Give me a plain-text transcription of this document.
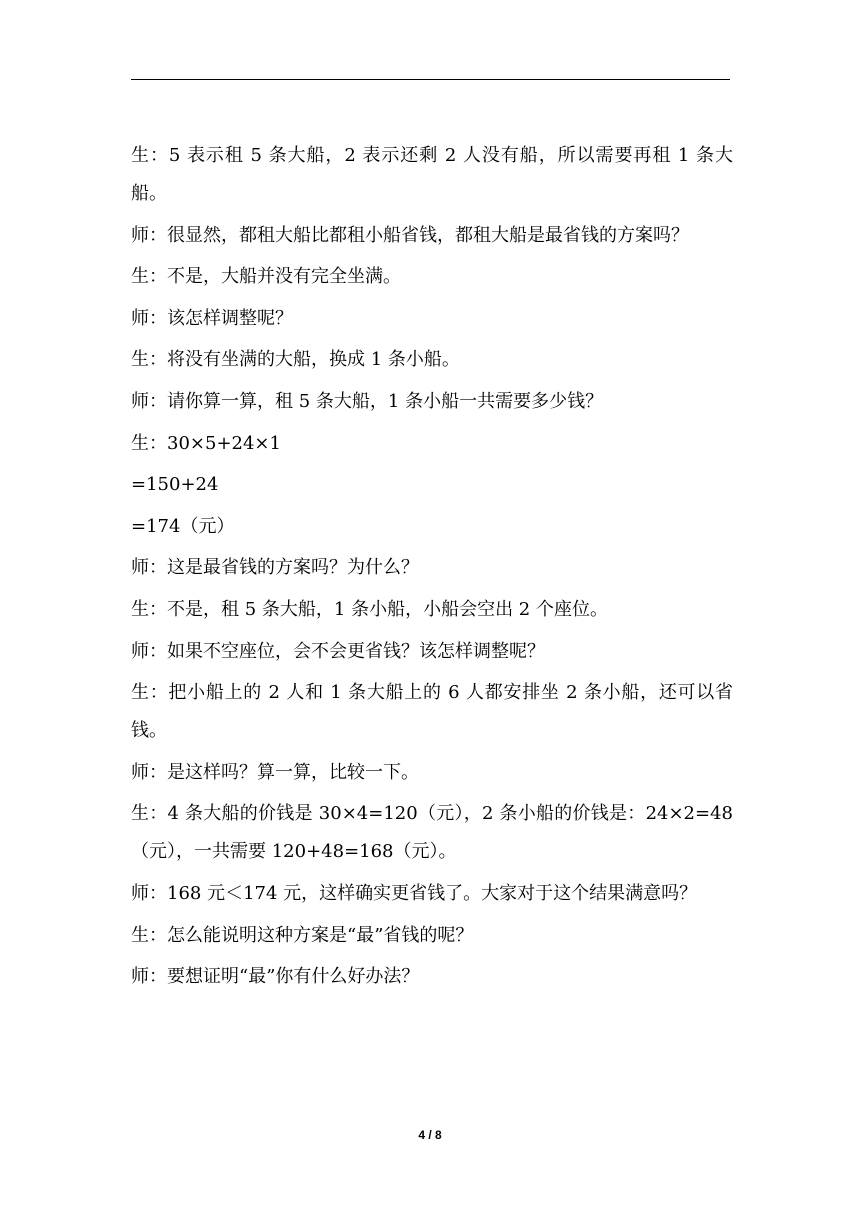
生：5 表示租 5 条大船，2 表示还剩 2 人没有船，所以需要再租 1 条大船。

师：很显然，都租大船比都租小船省钱，都租大船是最省钱的方案吗？

生：不是，大船并没有完全坐满。

师：该怎样调整呢？

生：将没有坐满的大船，换成 1 条小船。

师：请你算一算，租 5 条大船，1 条小船一共需要多少钱？

生：30×5+24×1

=150+24

=174（元）

师：这是最省钱的方案吗？为什么？

生：不是，租 5 条大船，1 条小船，小船会空出 2 个座位。

师：如果不空座位，会不会更省钱？该怎样调整呢？

生：把小船上的 2 人和 1 条大船上的 6 人都安排坐 2 条小船，还可以省钱。

师：是这样吗？算一算，比较一下。

生：4 条大船的价钱是 30×4=120（元），2 条小船的价钱是：24×2=48（元），一共需要 120+48=168（元）。

师：168 元＜174 元，这样确实更省钱了。大家对于这个结果满意吗？

生：怎么能说明这种方案是“最”省钱的呢？

师：要想证明“最”你有什么好办法？

4 / 8
